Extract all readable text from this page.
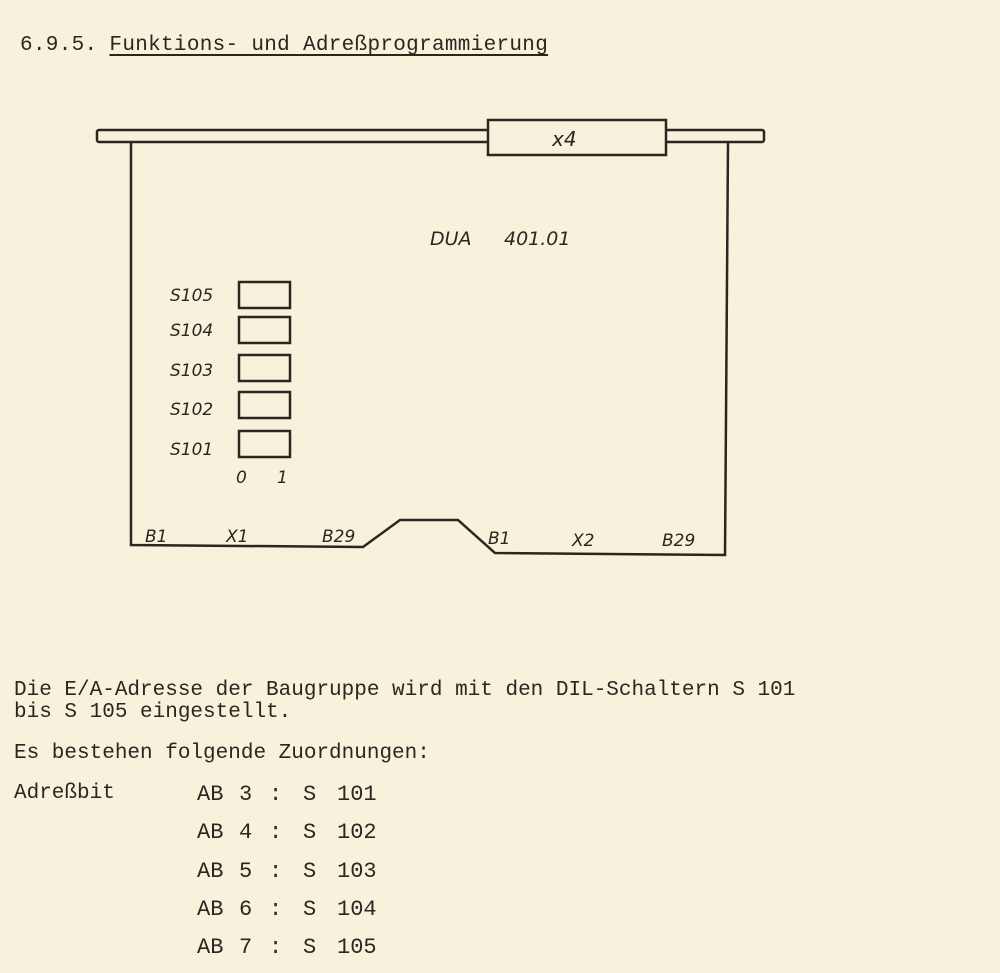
6.9.5. Funktions- und Adreßprogrammierung
x4
DUA 401.01
S105
S104
S103
S102
S101
0 1
B1	X1	B29	B1	X2	B29
Die E/A-Adresse der Baugruppe wird mit den DIL-Schaltern S 101
bis S 105 eingestellt.
Es bestehen folgende Zuordnungen:
Adreßbit	AB 3 : S 101
AB 4 : S 102
AB 5 : S 103
AB 6 : S 104
AB 7 : S 105
